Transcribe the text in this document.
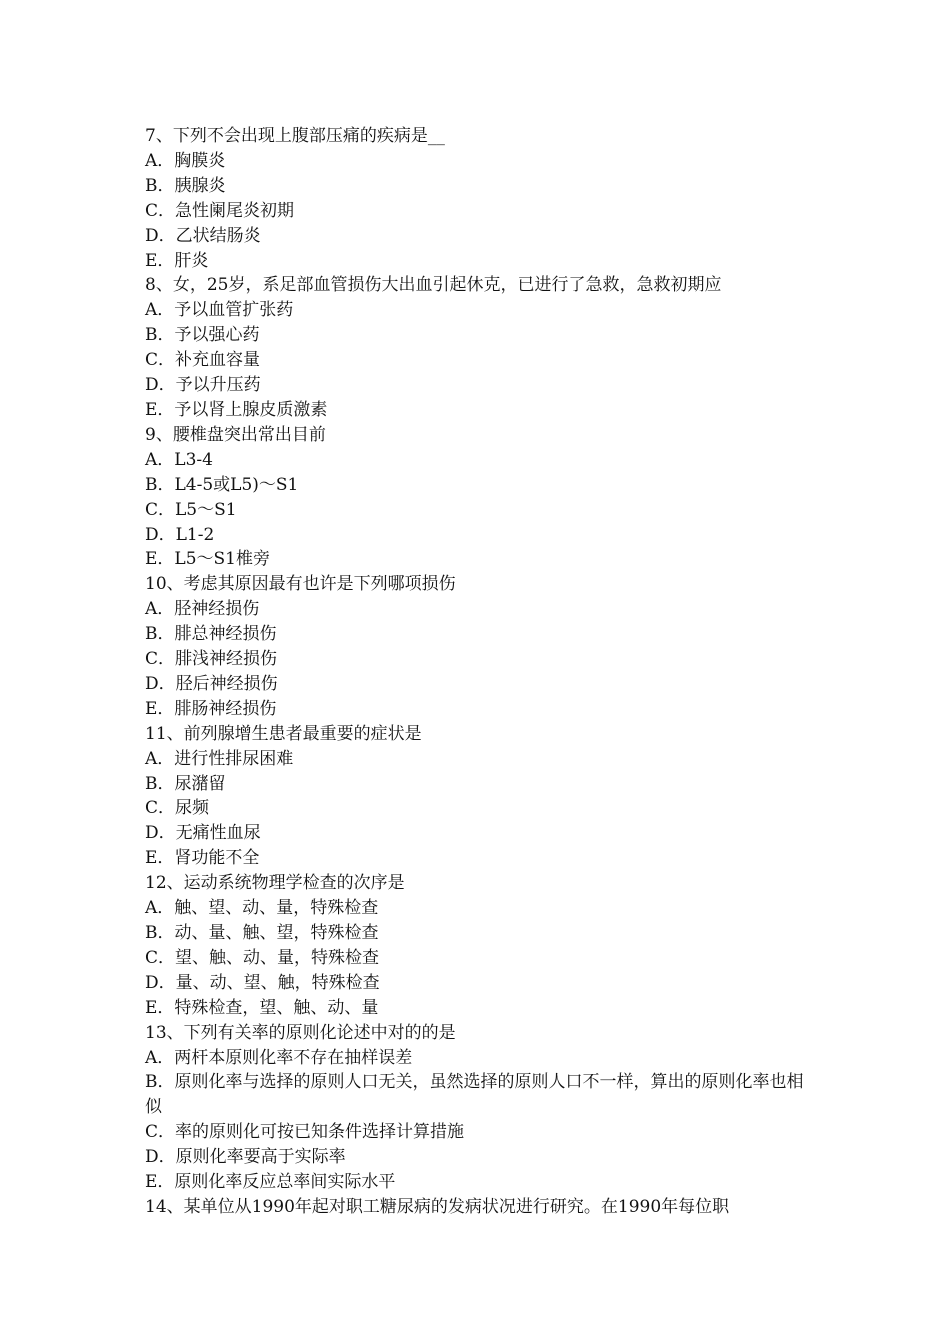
7、下列不会出现上腹部压痛的疾病是__
A．胸膜炎
B．胰腺炎
C．急性阑尾炎初期
D．乙状结肠炎
E．肝炎
8、女，25岁，系足部血管损伤大出血引起休克，已进行了急救，急救初期应
A．予以血管扩张药
B．予以强心药
C．补充血容量
D．予以升压药
E．予以肾上腺皮质激素
9、腰椎盘突出常出目前
A．L3-4
B．L4-5或L5)～S1
C．L5～S1
D．L1-2
E．L5～S1椎旁
10、考虑其原因最有也许是下列哪项损伤
A．胫神经损伤
B．腓总神经损伤
C．腓浅神经损伤
D．胫后神经损伤
E．腓肠神经损伤
11、前列腺增生患者最重要的症状是
A．进行性排尿困难
B．尿潴留
C．尿频
D．无痛性血尿
E．肾功能不全
12、运动系统物理学检查的次序是
A．触、望、动、量，特殊检查
B．动、量、触、望，特殊检查
C．望、触、动、量，特殊检查
D．量、动、望、触，特殊检查
E．特殊检查，望、触、动、量
13、下列有关率的原则化论述中对的的是
A．两杆本原则化率不存在抽样误差
B．原则化率与选择的原则人口无关，虽然选择的原则人口不一样，算出的原则化率也相似
C．率的原则化可按已知条件选择计算措施
D．原则化率要高于实际率
E．原则化率反应总率间实际水平
14、某单位从1990年起对职工糖尿病的发病状况进行研究。在1990年每位职
